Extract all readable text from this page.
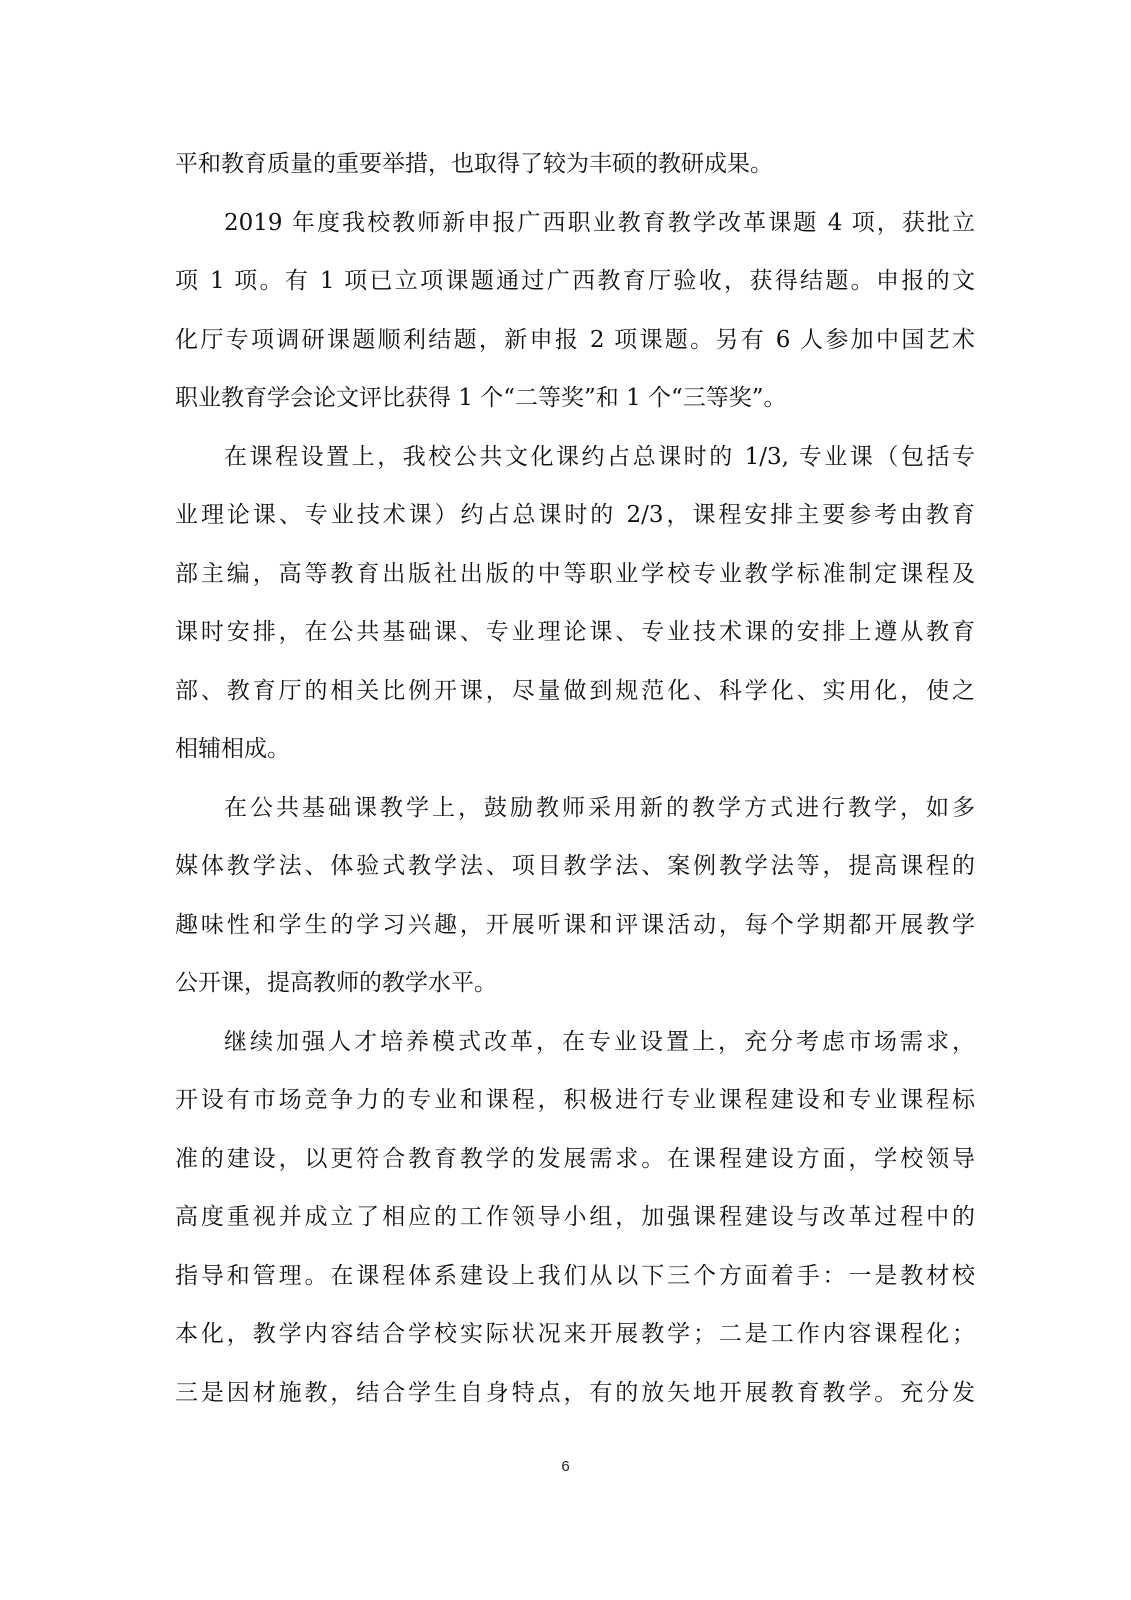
平和教育质量的重要举措，也取得了较为丰硕的教研成果。

2019 年度我校教师新申报广西职业教育教学改革课题 4 项，获批立

项 1 项。有 1 项已立项课题通过广西教育厅验收，获得结题。申报的文

化厅专项调研课题顺利结题，新申报 2 项课题。另有 6 人参加中国艺术

职业教育学会论文评比获得 1 个“二等奖”和 1 个“三等奖”。

在课程设置上，我校公共文化课约占总课时的 1/3, 专业课（包括专

业理论课、专业技术课）约占总课时的 2/3，课程安排主要参考由教育

部主编，高等教育出版社出版的中等职业学校专业教学标准制定课程及

课时安排，在公共基础课、专业理论课、专业技术课的安排上遵从教育

部、教育厅的相关比例开课，尽量做到规范化、科学化、实用化，使之

相辅相成。

在公共基础课教学上，鼓励教师采用新的教学方式进行教学，如多

媒体教学法、体验式教学法、项目教学法、案例教学法等，提高课程的

趣味性和学生的学习兴趣，开展听课和评课活动，每个学期都开展教学

公开课，提高教师的教学水平。

继续加强人才培养模式改革，在专业设置上，充分考虑市场需求，

开设有市场竞争力的专业和课程，积极进行专业课程建设和专业课程标

准的建设，以更符合教育教学的发展需求。在课程建设方面，学校领导

高度重视并成立了相应的工作领导小组，加强课程建设与改革过程中的

指导和管理。在课程体系建设上我们从以下三个方面着手：一是教材校

本化，教学内容结合学校实际状况来开展教学；二是工作内容课程化；

三是因材施教，结合学生自身特点，有的放矢地开展教育教学。充分发

6
